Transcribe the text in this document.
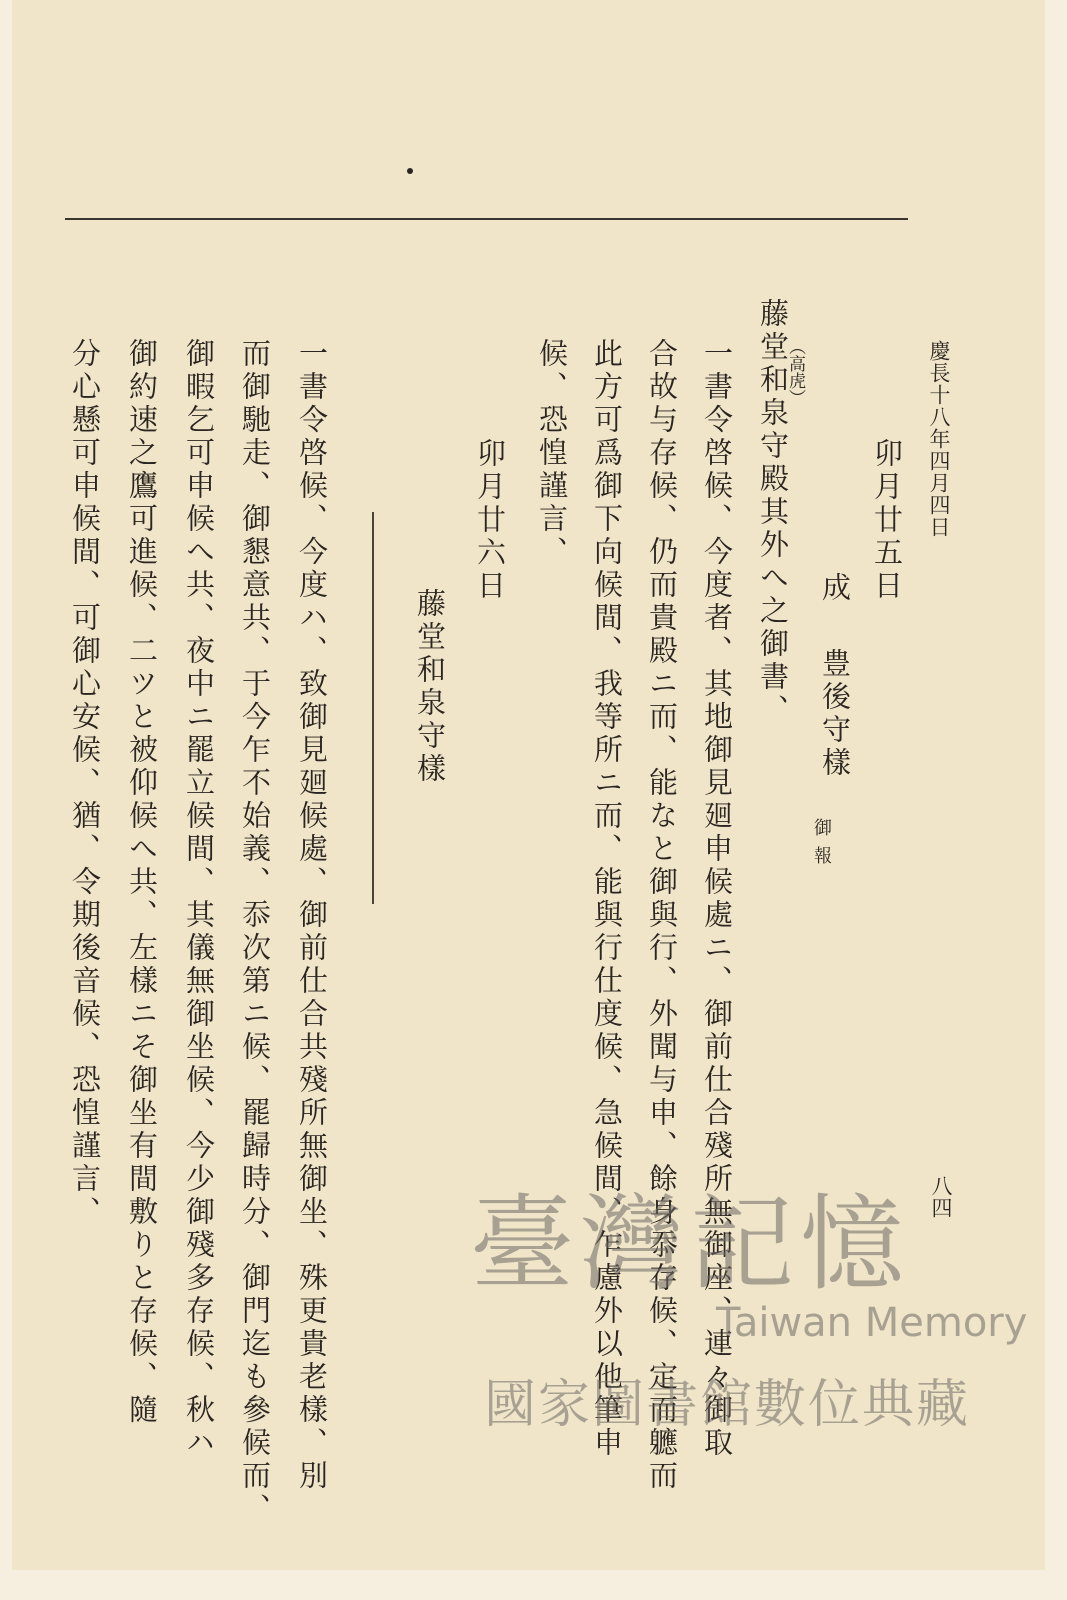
慶長十八年四月四日
八四
卯月廿五日
成
豊後守樣
御報
藤堂和泉守殿其外へ之御書、
（高虎）
一書令啓候、今度者、其地御見廻申候處ニ、御前仕合殘所無御座、連々御取
合故与存候、仍而貴殿ニ而、能なと御與行、外聞与申、餘身忝存候、定而軈而
此方可爲御下向候間、我等所ニ而、能與行仕度候、急候間、乍慮外以他筆申
候、恐惶謹言、
卯月廿六日
藤堂和泉守樣
一書令啓候、今度ハ、致御見廻候處、御前仕合共殘所無御坐、殊更貴老樣、別
而御馳走、御懇意共、于今乍不始義、忝次第ニ候、罷歸時分、御門迄も參候而、
御暇乞可申候へ共、夜中ニ罷立候間、其儀無御坐候、今少御殘多存候、秋ハ
御約速之鷹可進候、二ツと被仰候へ共、左樣ニそ御坐有間敷りと存候、隨
分心懸可申候間、可御心安候、猶、令期後音候、恐惶謹言、
臺灣記憶
Taiwan Memory
國家圖書館數位典藏
